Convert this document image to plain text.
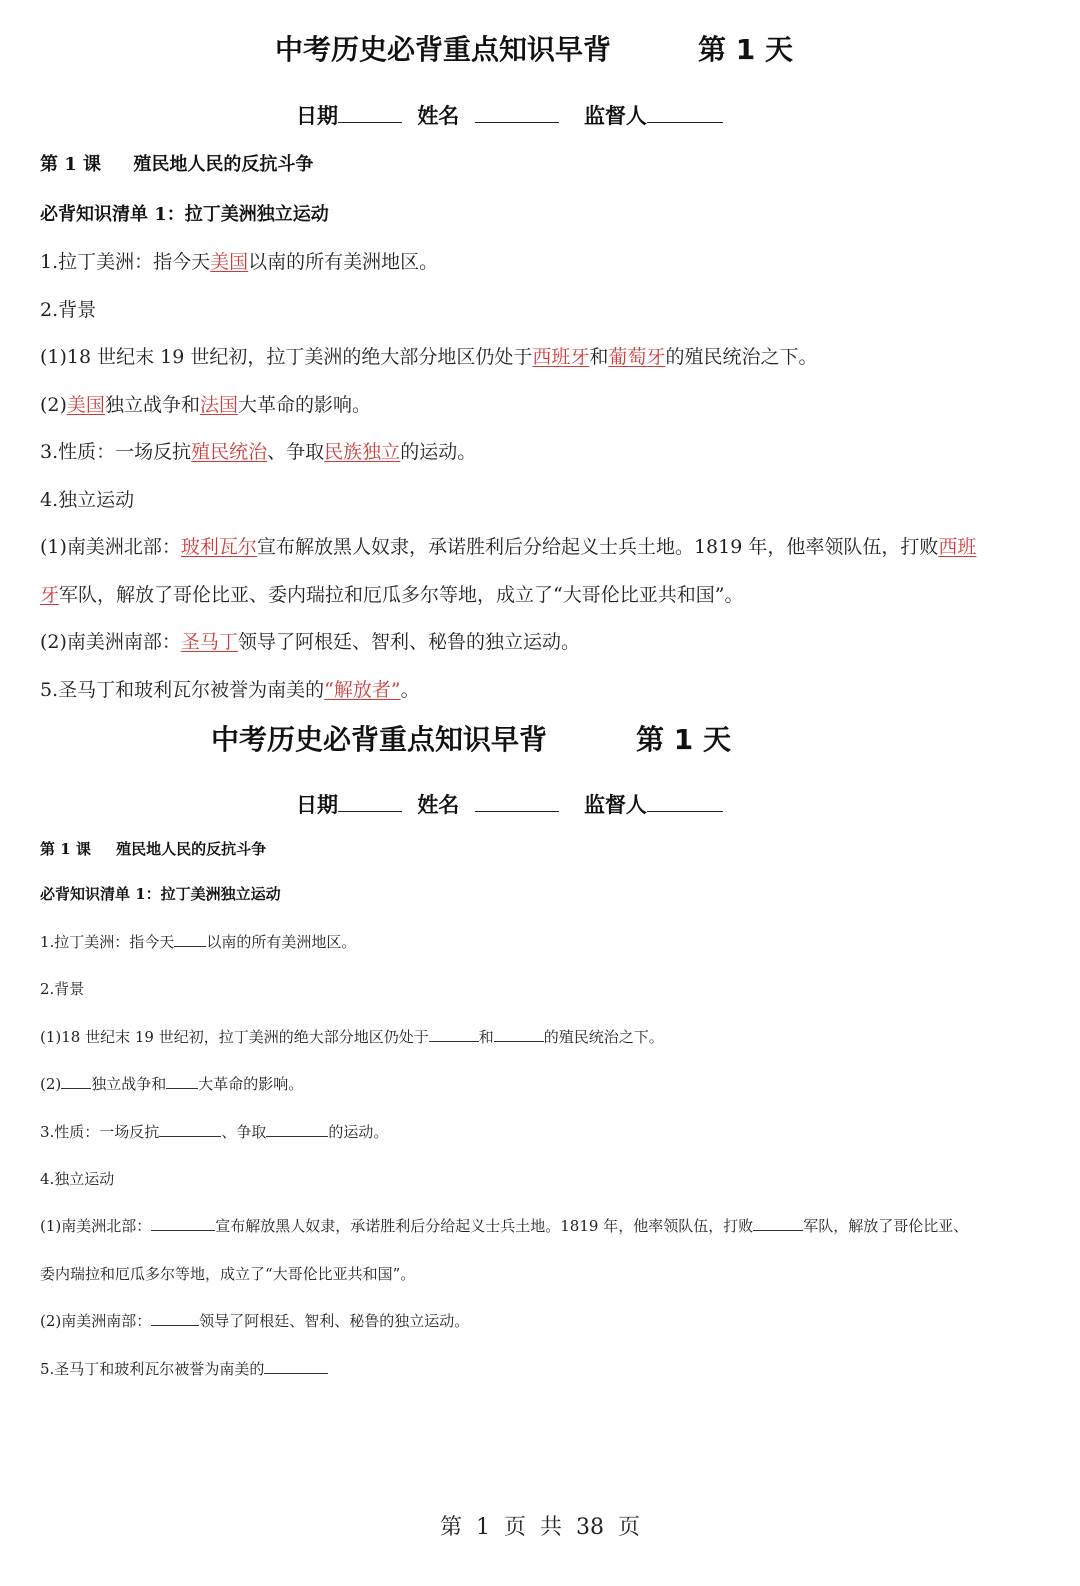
中考历史必背重点知识早背	第 1 天
日期	姓名	监督人
第 1 课 殖民地人民的反抗斗争
必背知识清单 1：拉丁美洲独立运动
1.拉丁美洲：指今天美国以南的所有美洲地区。
2.背景
(1)18 世纪末 19 世纪初，拉丁美洲的绝大部分地区仍处于西班牙和葡萄牙的殖民统治之下。
(2)美国独立战争和法国大革命的影响。
3.性质：一场反抗殖民统治、争取民族独立的运动。
4.独立运动
(1)南美洲北部：玻利瓦尔宣布解放黑人奴隶，承诺胜利后分给起义士兵土地。1819 年，他率领队伍，打败西班
牙军队，解放了哥伦比亚、委内瑞拉和厄瓜多尔等地，成立了“大哥伦比亚共和国”。
(2)南美洲南部：圣马丁领导了阿根廷、智利、秘鲁的独立运动。
5.圣马丁和玻利瓦尔被誉为南美的“解放者”。
中考历史必背重点知识早背	第 1 天
日期	姓名	监督人
第 1 课 殖民地人民的反抗斗争
必背知识清单 1：拉丁美洲独立运动
1.拉丁美洲：指今天 以南的所有美洲地区。
2.背景
(1)18 世纪末 19 世纪初，拉丁美洲的绝大部分地区仍处于	和	的殖民统治之下。
(2) 独立战争和 大革命的影响。
3.性质：一场反抗	、争取	的运动。
4.独立运动
(1)南美洲北部：	宣布解放黑人奴隶，承诺胜利后分给起义士兵土地。1819 年，他率领队伍，打败	军队，解放了哥伦比亚、
委内瑞拉和厄瓜多尔等地，成立了“大哥伦比亚共和国”。
(2)南美洲南部：	领导了阿根廷、智利、秘鲁的独立运动。
5.圣马丁和玻利瓦尔被誉为南美的
第  1  页  共  38  页
